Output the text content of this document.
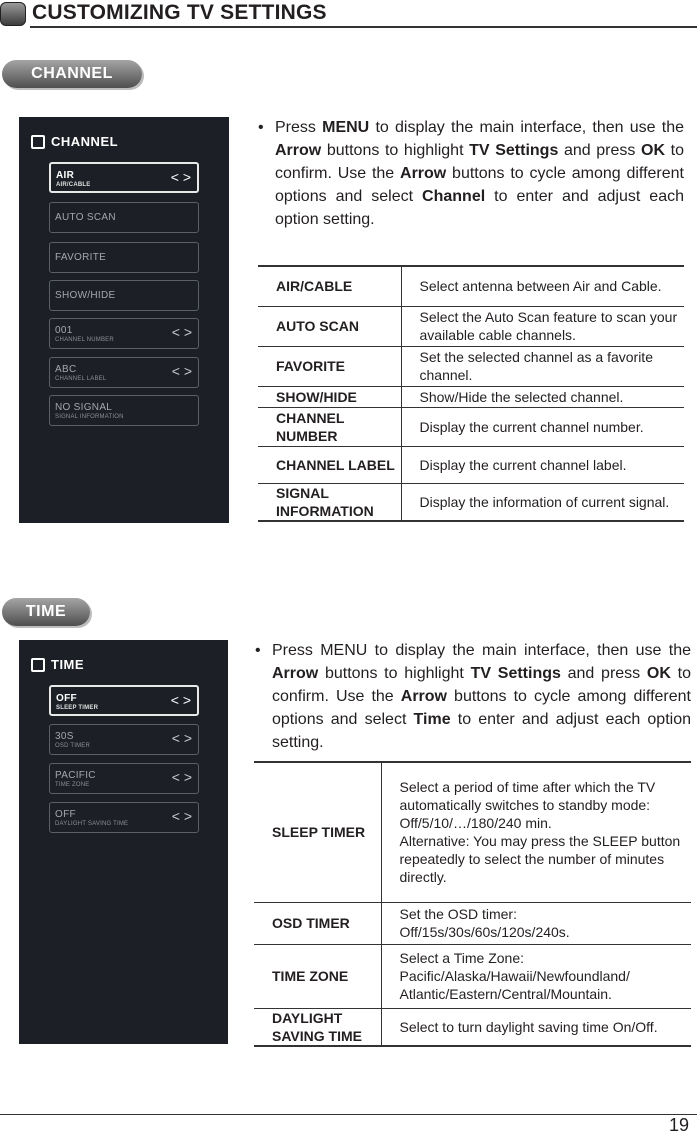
CUSTOMIZING TV SETTINGS
CHANNEL
CHANNEL
AIR
AIR/CABLE	< >
AUTO SCAN
FAVORITE
SHOW/HIDE
001
CHANNEL NUMBER	< >
ABC
CHANNEL LABEL	< >
NO SIGNAL
SIGNAL INFORMATION
• Press MENU to display the main interface, then use the Arrow buttons to highlight TV Settings and press OK to confirm. Use the Arrow buttons to cycle among different options and select Channel to enter and adjust each option setting.
AIR/CABLE	Select antenna between Air and Cable.
AUTO SCAN	Select the Auto Scan feature to scan your available cable channels.
FAVORITE	Set the selected channel as a favorite channel.
SHOW/HIDE	Show/Hide the selected channel.
CHANNEL NUMBER	Display the current channel number.
CHANNEL LABEL	Display the current channel label.
SIGNAL INFORMATION	Display the information of current signal.
TIME
TIME
OFF
SLEEP TIMER	< >
30S
OSD TIMER	< >
PACIFIC
TIME ZONE	< >
OFF
DAYLIGHT SAVING TIME	< >
• Press MENU to display the main interface, then use the Arrow buttons to highlight TV Settings and press OK to confirm. Use the Arrow buttons to cycle among different options and select Time to enter and adjust each option setting.
SLEEP TIMER	Select a period of time after which the TV automatically switches to standby mode: Off/5/10/…/180/240 min.
Alternative: You may press the SLEEP button repeatedly to select the number of minutes directly.

OSD TIMER	Set the OSD timer:
Off/15s/30s/60s/120s/240s.

TIME ZONE	Select a Time Zone:
Pacific/Alaska/Hawaii/Newfoundland/ Atlantic/Eastern/Central/Mountain.

DAYLIGHT SAVING TIME	Select to turn daylight saving time On/Off.
19
